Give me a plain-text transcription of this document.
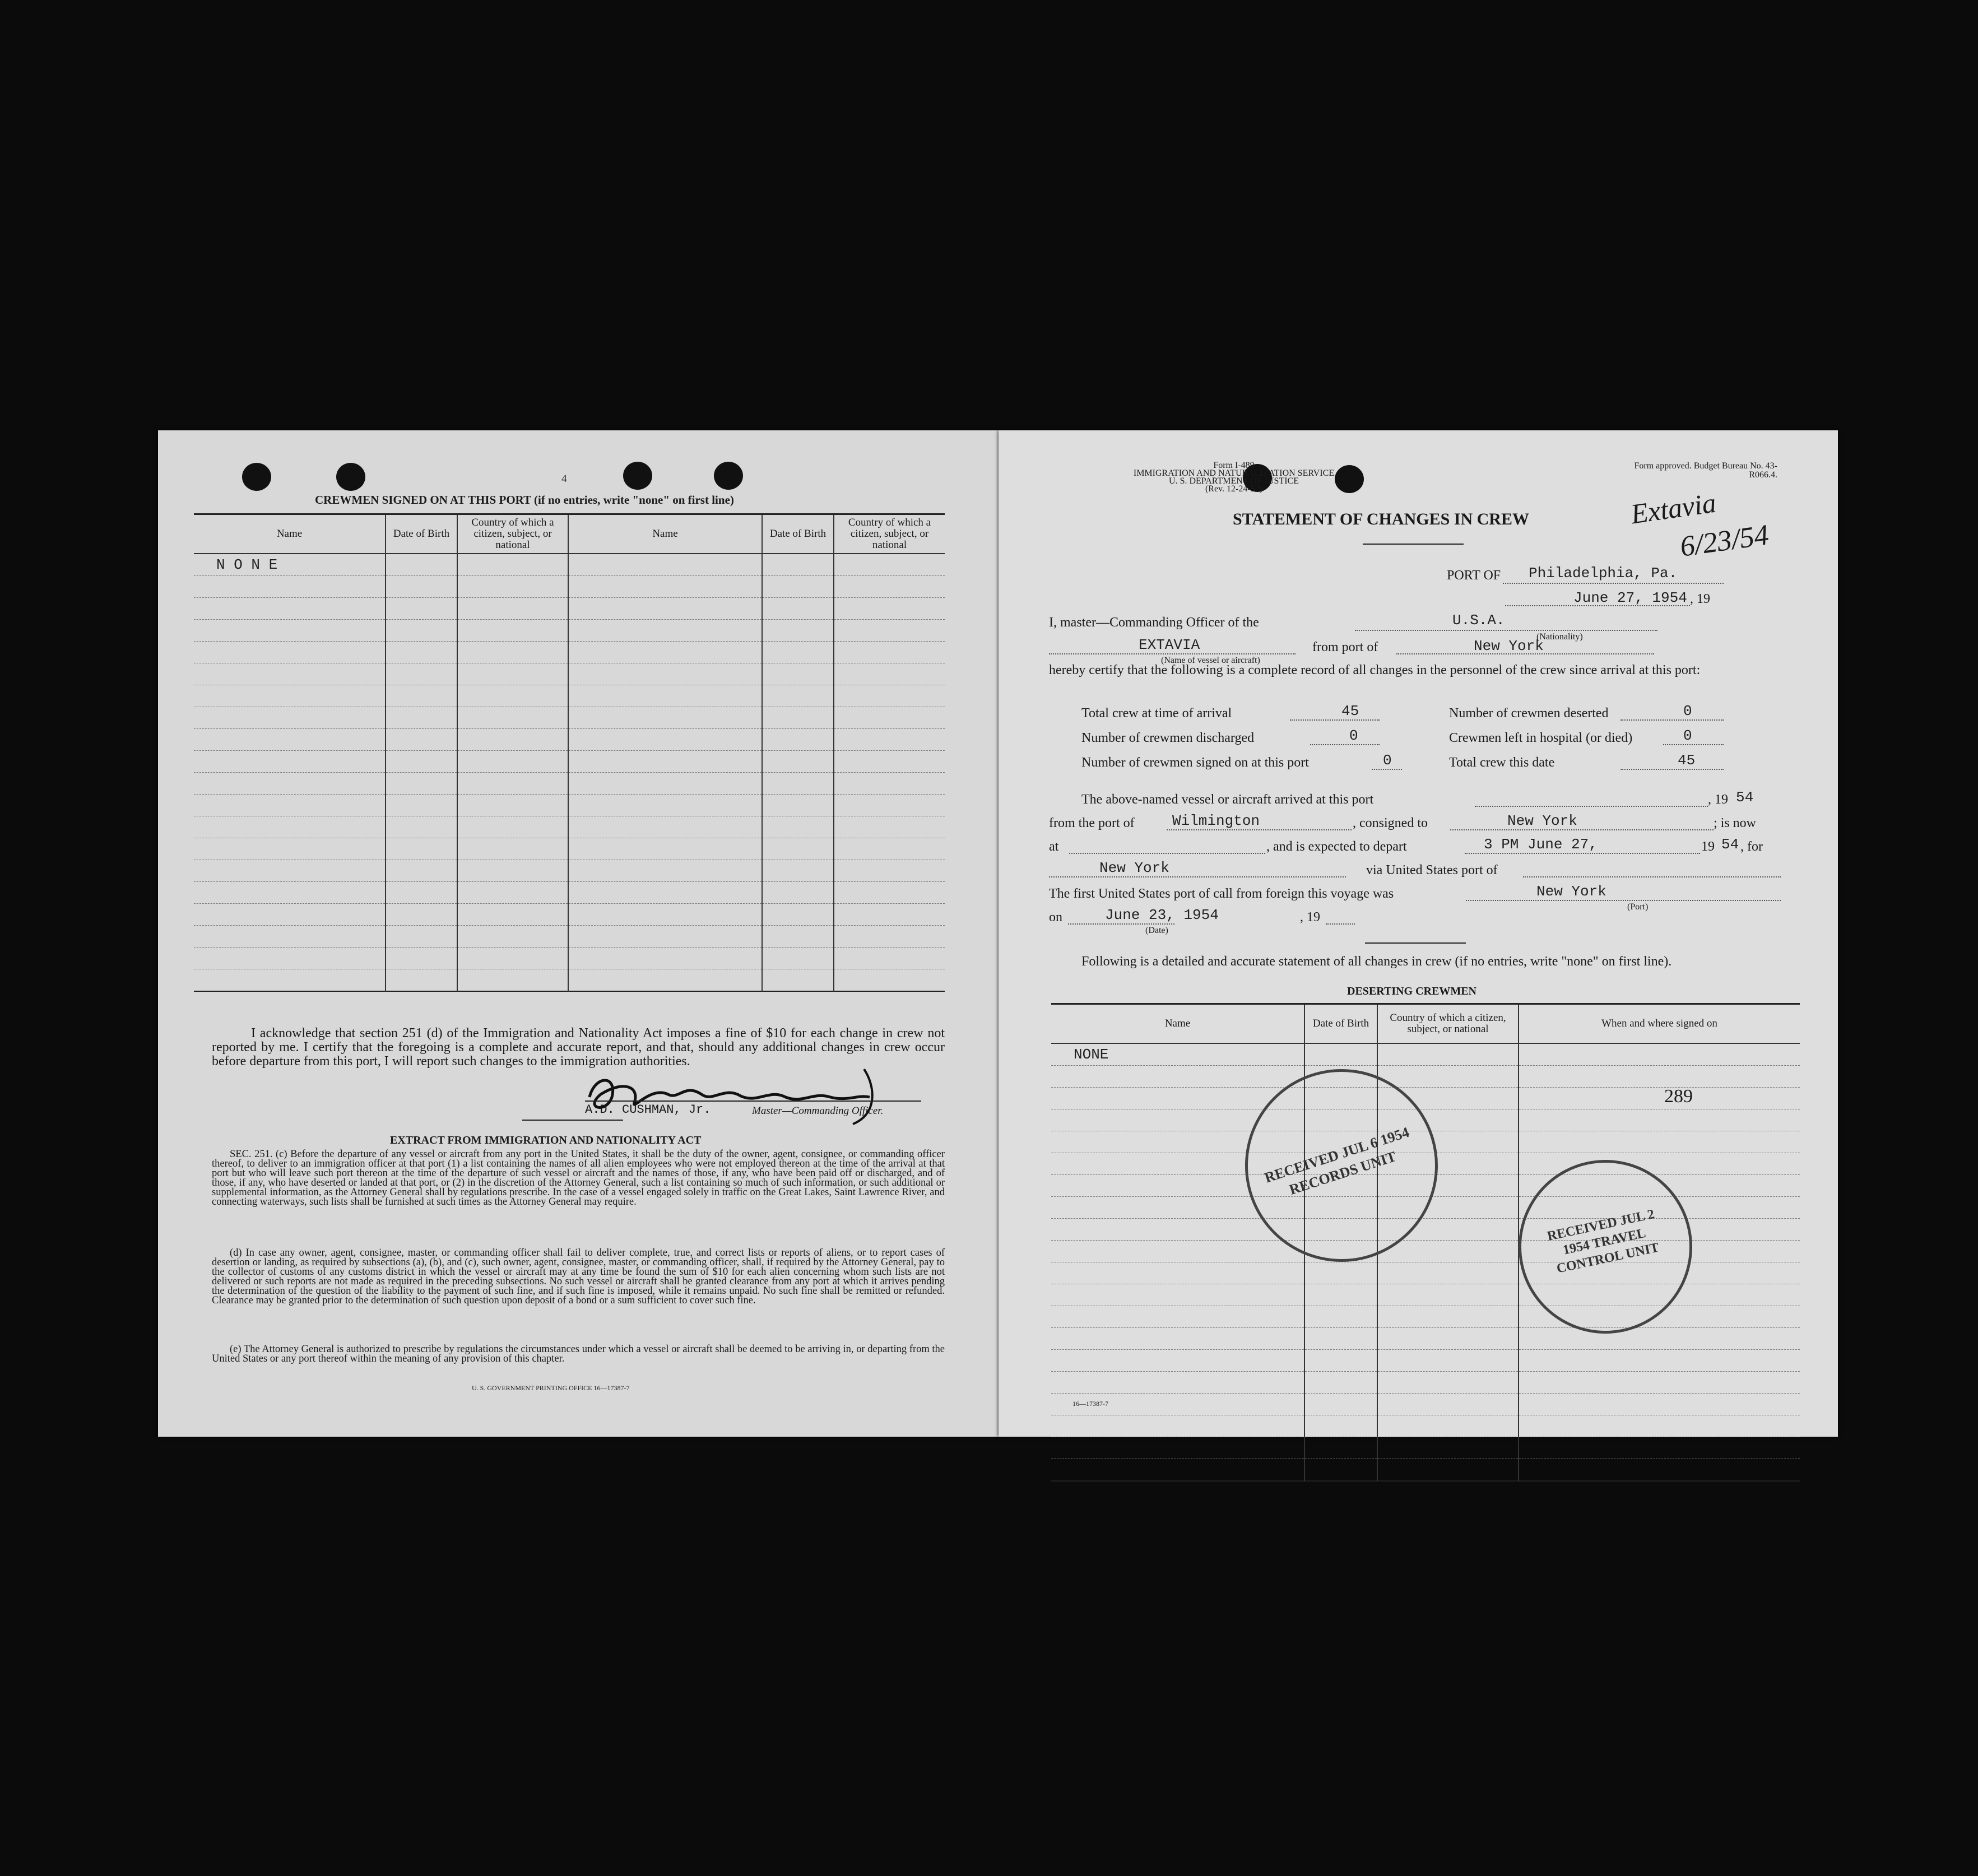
4
CREWMEN SIGNED ON AT THIS PORT (if no entries, write "none" on first line)
Name	Date of Birth	Country of which a citizen, subject, or national	Name	Date of Birth	Country of which a citizen, subject, or national
N O N E					

I acknowledge that section 251 (d) of the Immigration and Nationality Act imposes a fine of $10 for each change in crew not reported by me. I certify that the foregoing is a complete and accurate report, and that, should any additional changes in crew occur before departure from this port, I will report such changes to the immigration authorities.
A.D. CUSHMAN, Jr.	Master—Commanding Officer.
EXTRACT FROM IMMIGRATION AND NATIONALITY ACT
SEC. 251. (c) Before the departure of any vessel or aircraft from any port in the United States, it shall be the duty of the owner, agent, consignee, or commanding officer thereof, to deliver to an immigration officer at that port (1) a list containing the names of all alien employees who were not employed thereon at the time of the arrival at that port but who will leave such port thereon at the time of the departure of such vessel or aircraft and the names of those, if any, who have been paid off or discharged, and of those, if any, who have deserted or landed at that port, or (2) in the discretion of the Attorney General, such a list containing so much of such information, or such additional or supplemental information, as the Attorney General shall by regulations prescribe. In the case of a vessel engaged solely in traffic on the Great Lakes, Saint Lawrence River, and connecting waterways, such lists shall be furnished at such times as the Attorney General may require.
(d) In case any owner, agent, consignee, master, or commanding officer shall fail to deliver complete, true, and correct lists or reports of aliens, or to report cases of desertion or landing, as required by subsections (a), (b), and (c), such owner, agent, consignee, master, or commanding officer, shall, if required by the Attorney General, pay to the collector of customs of any customs district in which the vessel or aircraft may at any time be found the sum of $10 for each alien concerning whom such lists are not delivered or such reports are not made as required in the preceding subsections. No such vessel or aircraft shall be granted clearance from any port at which it arrives pending the determination of the question of the liability to the payment of such fine, and if such fine is imposed, while it remains unpaid. No such fine shall be remitted or refunded. Clearance may be granted prior to the determination of such question upon deposit of a bond or a sum sufficient to cover such fine.
(e) The Attorney General is authorized to prescribe by regulations the circumstances under which a vessel or aircraft shall be deemed to be arriving in, or departing from the United States or any port thereof within the meaning of any provision of this chapter.
U. S. GOVERNMENT PRINTING OFFICE 16—17387-7
Form I-489
IMMIGRATION AND NATURALIZATION SERVICE
U. S. DEPARTMENT OF JUSTICE
(Rev. 12-24-52)
Form approved. Budget Bureau No. 43-R066.4.
STATEMENT OF CHANGES IN CREW	Extavia
6/23/54
PORT OF Philadelphia, Pa.
June 27, 1954 , 19
I, master—Commanding Officer of the	U.S.A.
(Nationality)
EXTAVIA
(Name of vessel or aircraft)
from port of	New York
hereby certify that the following is a complete record of all changes in the personnel of the crew since arrival at this port:
Total crew at time of arrival	45	Number of crewmen deserted	0
Number of crewmen discharged	0	Crewmen left in hospital (or died)	0
Number of crewmen signed on at this port	0	Total crew this date	45
The above-named vessel or aircraft arrived at this port	, 19 54
from the port of	Wilmington	, consigned to	New York	; is now
at	, and is expected to depart	3 PM June 27,	19 54 , for
New York	via United States port of
The first United States port of call from foreign this voyage was	New York
(Port)
on	June 23, 1954	, 19
(Date)
Following is a detailed and accurate statement of all changes in crew (if no entries, write "none" on first line).
DESERTING CREWMEN
Name	Date of Birth	Country of which a citizen, subject, or national	When and where signed on
NONE			

289
RECEIVED JUL 6 1954 RECORDS UNIT
RECEIVED JUL 2 1954 TRAVEL CONTROL UNIT
16—17387-7
